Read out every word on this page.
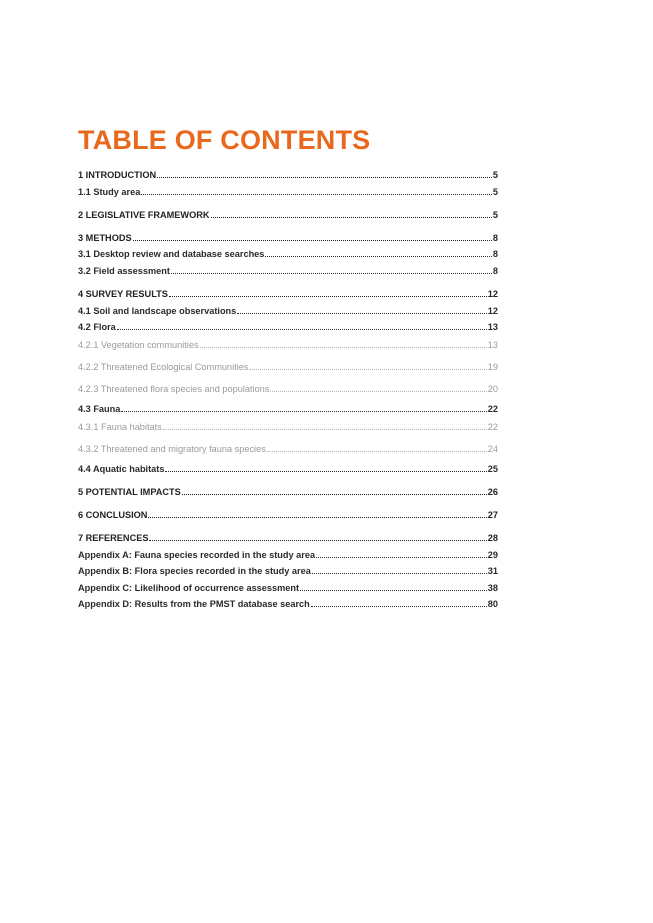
TABLE OF CONTENTS
1 INTRODUCTION	5
1.1 Study area	5
2 LEGISLATIVE FRAMEWORK	5
3 METHODS	8
3.1 Desktop review and database searches	8
3.2 Field assessment	8
4 SURVEY RESULTS	12
4.1 Soil and landscape observations	12
4.2 Flora	13
4.2.1 Vegetation communities	13
4.2.2 Threatened Ecological Communities	19
4.2.3 Threatened flora species and populations	20
4.3 Fauna	22
4.3.1 Fauna habitats	22
4.3.2 Threatened and migratory fauna species	24
4.4 Aquatic habitats	25
5 POTENTIAL IMPACTS	26
6 CONCLUSION	27
7 REFERENCES	28
Appendix A: Fauna species recorded in the study area	29
Appendix B: Flora species recorded in the study area	31
Appendix C: Likelihood of occurrence assessment	38
Appendix D: Results from the PMST database search	80
